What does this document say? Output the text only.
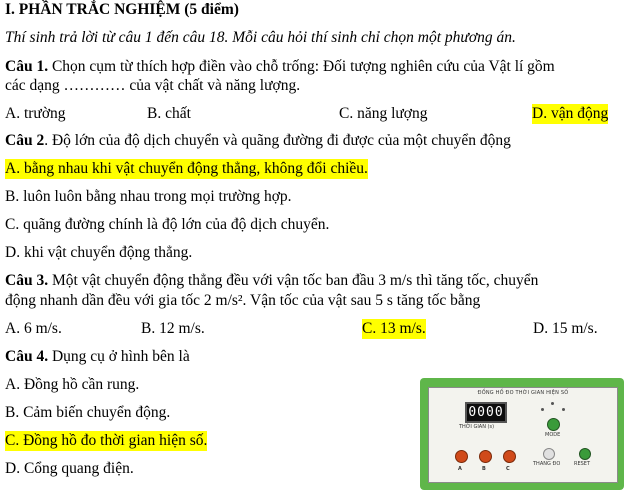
I. PHẦN TRẮC NGHIỆM (5 điểm)
Thí sinh trả lời từ câu 1 đến câu 18. Mỗi câu hỏi thí sinh chỉ chọn một phương án.
Câu 1. Chọn cụm từ thích hợp điền vào chỗ trống: Đối tượng nghiên cứu của Vật lí gồm
các dạng ………… của vật chất và năng lượng.
A. trường	B. chất	C. năng lượng	D. vận động
Câu 2. Độ lớn của độ dịch chuyển và quãng đường đi được của một chuyển động
A. bằng nhau khi vật chuyển động thẳng, không đổi chiều.
B. luôn luôn bằng nhau trong mọi trường hợp.
C. quãng đường chính là độ lớn của độ dịch chuyển.
D. khi vật chuyển động thẳng.
Câu 3. Một vật chuyển động thẳng đều với vận tốc ban đầu 3 m/s thì tăng tốc, chuyển
động nhanh dần đều với gia tốc 2 m/s². Vận tốc của vật sau 5 s tăng tốc bằng
A. 6 m/s.	B. 12 m/s.	C. 13 m/s.	D. 15 m/s.
Câu 4. Dụng cụ ở hình bên là
A. Đồng hồ cần rung.
B. Cảm biến chuyển động.
C. Đồng hồ đo thời gian hiện số.
D. Cổng quang điện.
ĐỒNG HỒ ĐO THỜI GIAN HIỆN SỐ
0000
THỜI GIAN (s)
MODE
THANG ĐO	RESET
A	B	C
